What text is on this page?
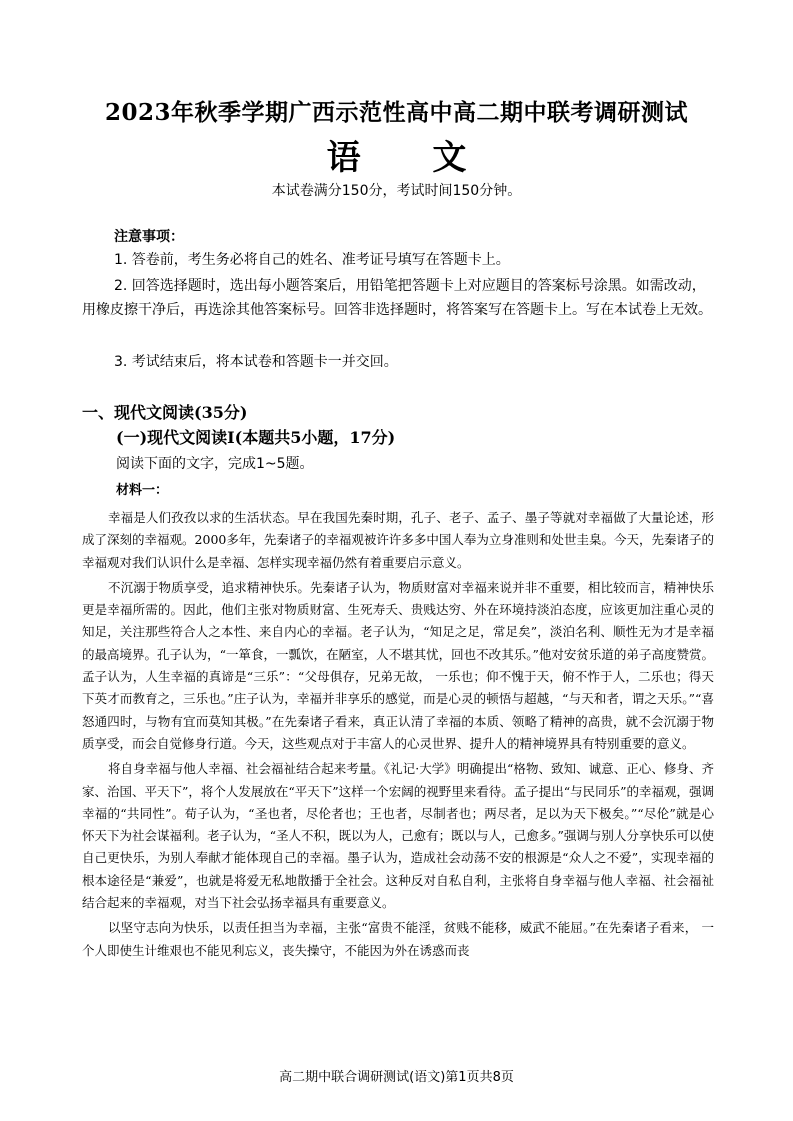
2023年秋季学期广西示范性高中高二期中联考调研测试
语 文
本试卷满分150分，考试时间150分钟。
注意事项：
1. 答卷前，考生务必将自己的姓名、准考证号填写在答题卡上。
2. 回答选择题时，选出每小题答案后，用铅笔把答题卡上对应题目的答案标号涂黑。如需改动，用橡皮擦干净后，再选涂其他答案标号。回答非选择题时，将答案写在答题卡上。写在本试卷上无效。
3. 考试结束后，将本试卷和答题卡一并交回。
一、现代文阅读(35分)
(一)现代文阅读I(本题共5小题，17分)
阅读下面的文字，完成1~5题。
材料一：

幸福是人们孜孜以求的生活状态。早在我国先秦时期，孔子、老子、孟子、墨子等就对幸福做了大量论述，形成了深刻的幸福观。2000多年，先秦诸子的幸福观被许许多多中国人奉为立身准则和处世圭臬。今天，先秦诸子的幸福观对我们认识什么是幸福、怎样实现幸福仍然有着重要启示意义。

不沉溺于物质享受，追求精神快乐。先秦诸子认为，物质财富对幸福来说并非不重要，相比较而言，精神快乐更是幸福所需的。因此，他们主张对物质财富、生死寿夭、贵贱达穷、外在环境持淡泊态度，应该更加注重心灵的知足，关注那些符合人之本性、来自内心的幸福。老子认为，“知足之足，常足矣”，淡泊名利、顺性无为才是幸福的最高境界。孔子认为，“一箪食，一瓢饮，在陋室，人不堪其忧，回也不改其乐。”他对安贫乐道的弟子高度赞赏。孟子认为，人生幸福的真谛是“三乐”：“父母俱存，兄弟无故， 一乐也；仰不愧于天，俯不怍于人，二乐也；得天下英才而教育之，三乐也。”庄子认为，幸福并非享乐的感觉，而是心灵的顿悟与超越，“与天和者，谓之天乐。”“喜怒通四时，与物有宜而莫知其极。”在先秦诸子看来，真正认清了幸福的本质、领略了精神的高贵，就不会沉溺于物质享受，而会自觉修身行道。今天，这些观点对于丰富人的心灵世界、提升人的精神境界具有特别重要的意义。

将自身幸福与他人幸福、社会福祉结合起来考量。《礼记·大学》明确提出“格物、致知、诚意、正心、修身、齐家、治国、平天下”，将个人发展放在“平天下”这样一个宏阔的视野里来看待。孟子提出“与民同乐”的幸福观，强调幸福的“共同性”。荀子认为，“圣也者，尽伦者也；王也者，尽制者也；两尽者，足以为天下极矣。”“尽伦”就是心怀天下为社会谋福利。老子认为，“圣人不积，既以为人，己愈有；既以与人，己愈多。”强调与别人分享快乐可以使自己更快乐，为别人奉献才能体现自己的幸福。墨子认为，造成社会动荡不安的根源是“众人之不爱”，实现幸福的根本途径是“兼爱”，也就是将爱无私地散播于全社会。这种反对自私自利，主张将自身幸福与他人幸福、社会福祉结合起来的幸福观，对当下社会弘扬幸福具有重要意义。

以坚守志向为快乐，以责任担当为幸福，主张“富贵不能淫，贫贱不能移，威武不能屈。”在先秦诸子看来， 一个人即使生计维艰也不能见利忘义，丧失操守，不能因为外在诱惑而丧

高二期中联合调研测试(语文)第1页共8页
